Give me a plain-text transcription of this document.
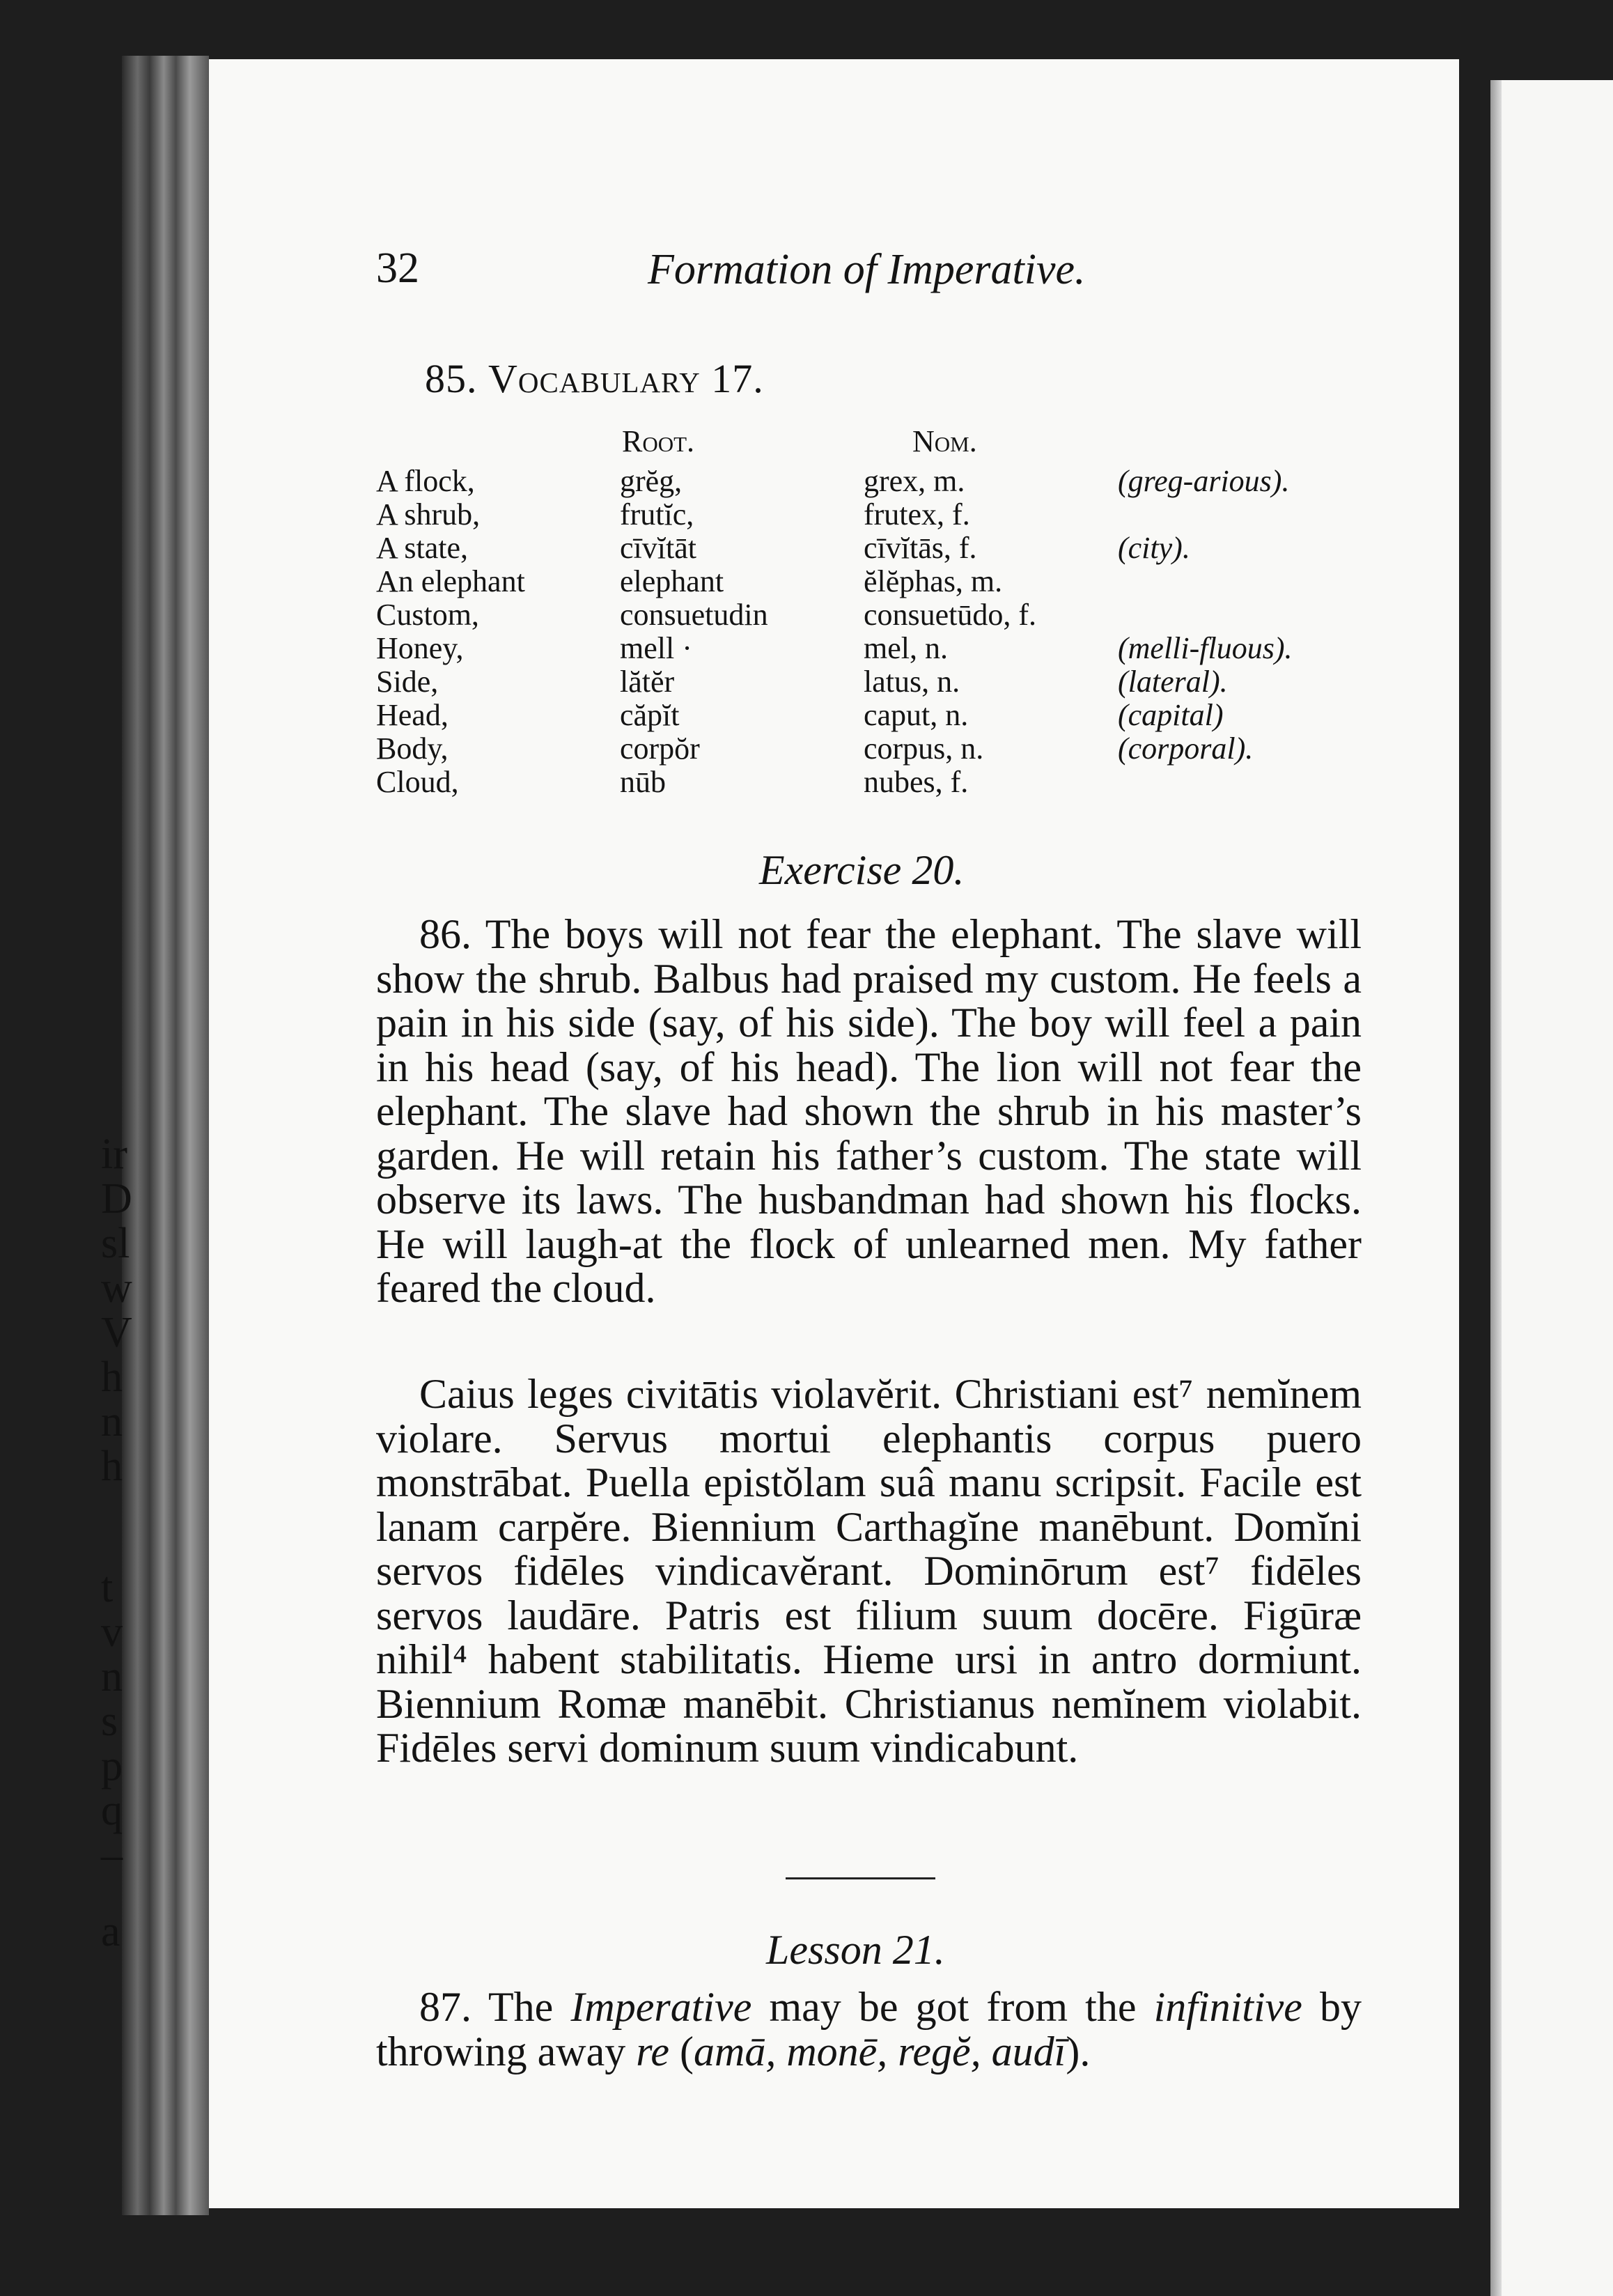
ir
D
sl
w
V
h
n
h
t
v
n
s
p
q
–
a
32	Formation of Imperative.
85. Vocabulary 17.
Root.	Nom.
A flock,	grĕg,	grex, m.	(greg-arious).
A shrub,	frutĭc,	frutex, f.
A state,	cīvĭtāt	cīvĭtās, f.	(city).
An elephant	elephant	ĕlĕphas, m.
Custom,	consuetudin	consuetūdo, f.
Honey,	mell ·	mel, n.	(melli-fluous).
Side,	lătĕr	latus, n.	(lateral).
Head,	căpĭt	caput, n.	(capital)
Body,	corpŏr	corpus, n.	(corporal).
Cloud,	nūb	nubes, f.
Exercise 20.

86. The boys will not fear the elephant. The slave will show the shrub. Balbus had praised my custom. He feels a pain in his side (say, of his side). The boy will feel a pain in his head (say, of his head). The lion will not fear the elephant. The slave had shown the shrub in his master’s garden. He will retain his father’s custom. The state will observe its laws. The husbandman had shown his flocks. He will laugh-at the flock of unlearned men. My father feared the cloud.

Caius leges civitātis violavĕrit. Christiani est⁷ nemĭnem violare. Servus mortui elephantis corpus puero monstrābat. Puella epistŏlam suâ manu scripsit. Facile est lanam carpĕre. Biennium Carthagĭne manēbunt. Domĭni servos fidēles vindicavĕrant. Dominōrum est⁷ fidēles servos laudāre. Patris est filium suum docēre. Figūræ nihil⁴ habent stabilitatis. Hieme ursi in antro dormiunt. Biennium Romæ manēbit. Christianus nemĭnem violabit. Fidēles servi dominum suum vindicabunt.

Lesson 21.

87. The Imperative may be got from the infinitive by throwing away re (amā, monē, regĕ, audī).
